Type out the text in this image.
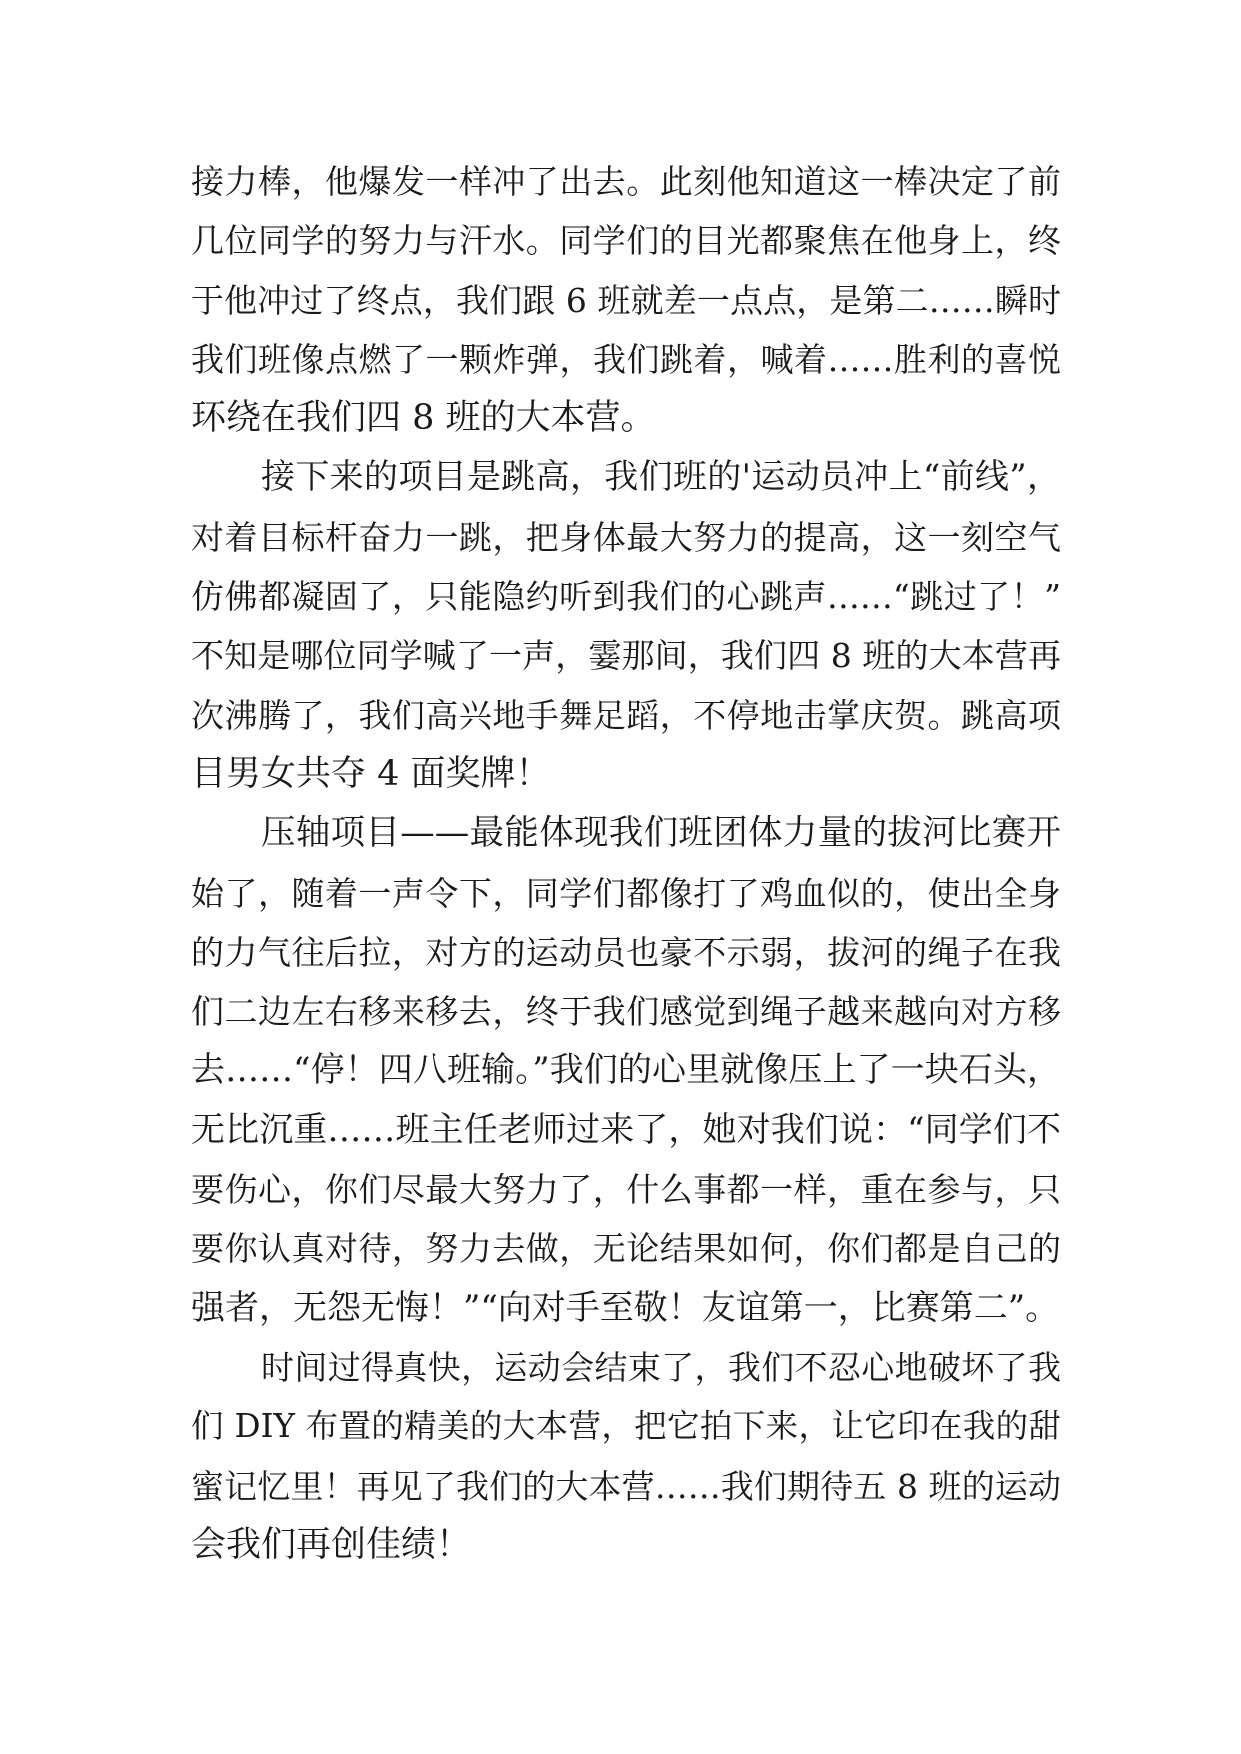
接力棒，他爆发一样冲了出去。此刻他知道这一棒决定了前
几位同学的努力与汗水。同学们的目光都聚焦在他身上，终
于他冲过了终点，我们跟 6 班就差一点点，是第二……瞬时
我们班像点燃了一颗炸弹，我们跳着，喊着……胜利的喜悦
环绕在我们四 8 班的大本营。
接下来的项目是跳高，我们班的'运动员冲上“前线”，
对着目标杆奋力一跳，把身体最大努力的提高，这一刻空气
仿佛都凝固了，只能隐约听到我们的心跳声……“跳过了！”
不知是哪位同学喊了一声，霎那间，我们四 8 班的大本营再
次沸腾了，我们高兴地手舞足蹈，不停地击掌庆贺。跳高项
目男女共夺 4 面奖牌！
压轴项目——最能体现我们班团体力量的拔河比赛开
始了，随着一声令下，同学们都像打了鸡血似的，使出全身
的力气往后拉，对方的运动员也豪不示弱，拔河的绳子在我
们二边左右移来移去，终于我们感觉到绳子越来越向对方移
去……“停！四八班输。”我们的心里就像压上了一块石头，
无比沉重……班主任老师过来了，她对我们说：“同学们不
要伤心，你们尽最大努力了，什么事都一样，重在参与，只
要你认真对待，努力去做，无论结果如何，你们都是自己的
强者，无怨无悔！”“向对手至敬！友谊第一，比赛第二”。
时间过得真快，运动会结束了，我们不忍心地破坏了我
们 DIY 布置的精美的大本营，把它拍下来，让它印在我的甜
蜜记忆里！再见了我们的大本营……我们期待五 8 班的运动
会我们再创佳绩！
